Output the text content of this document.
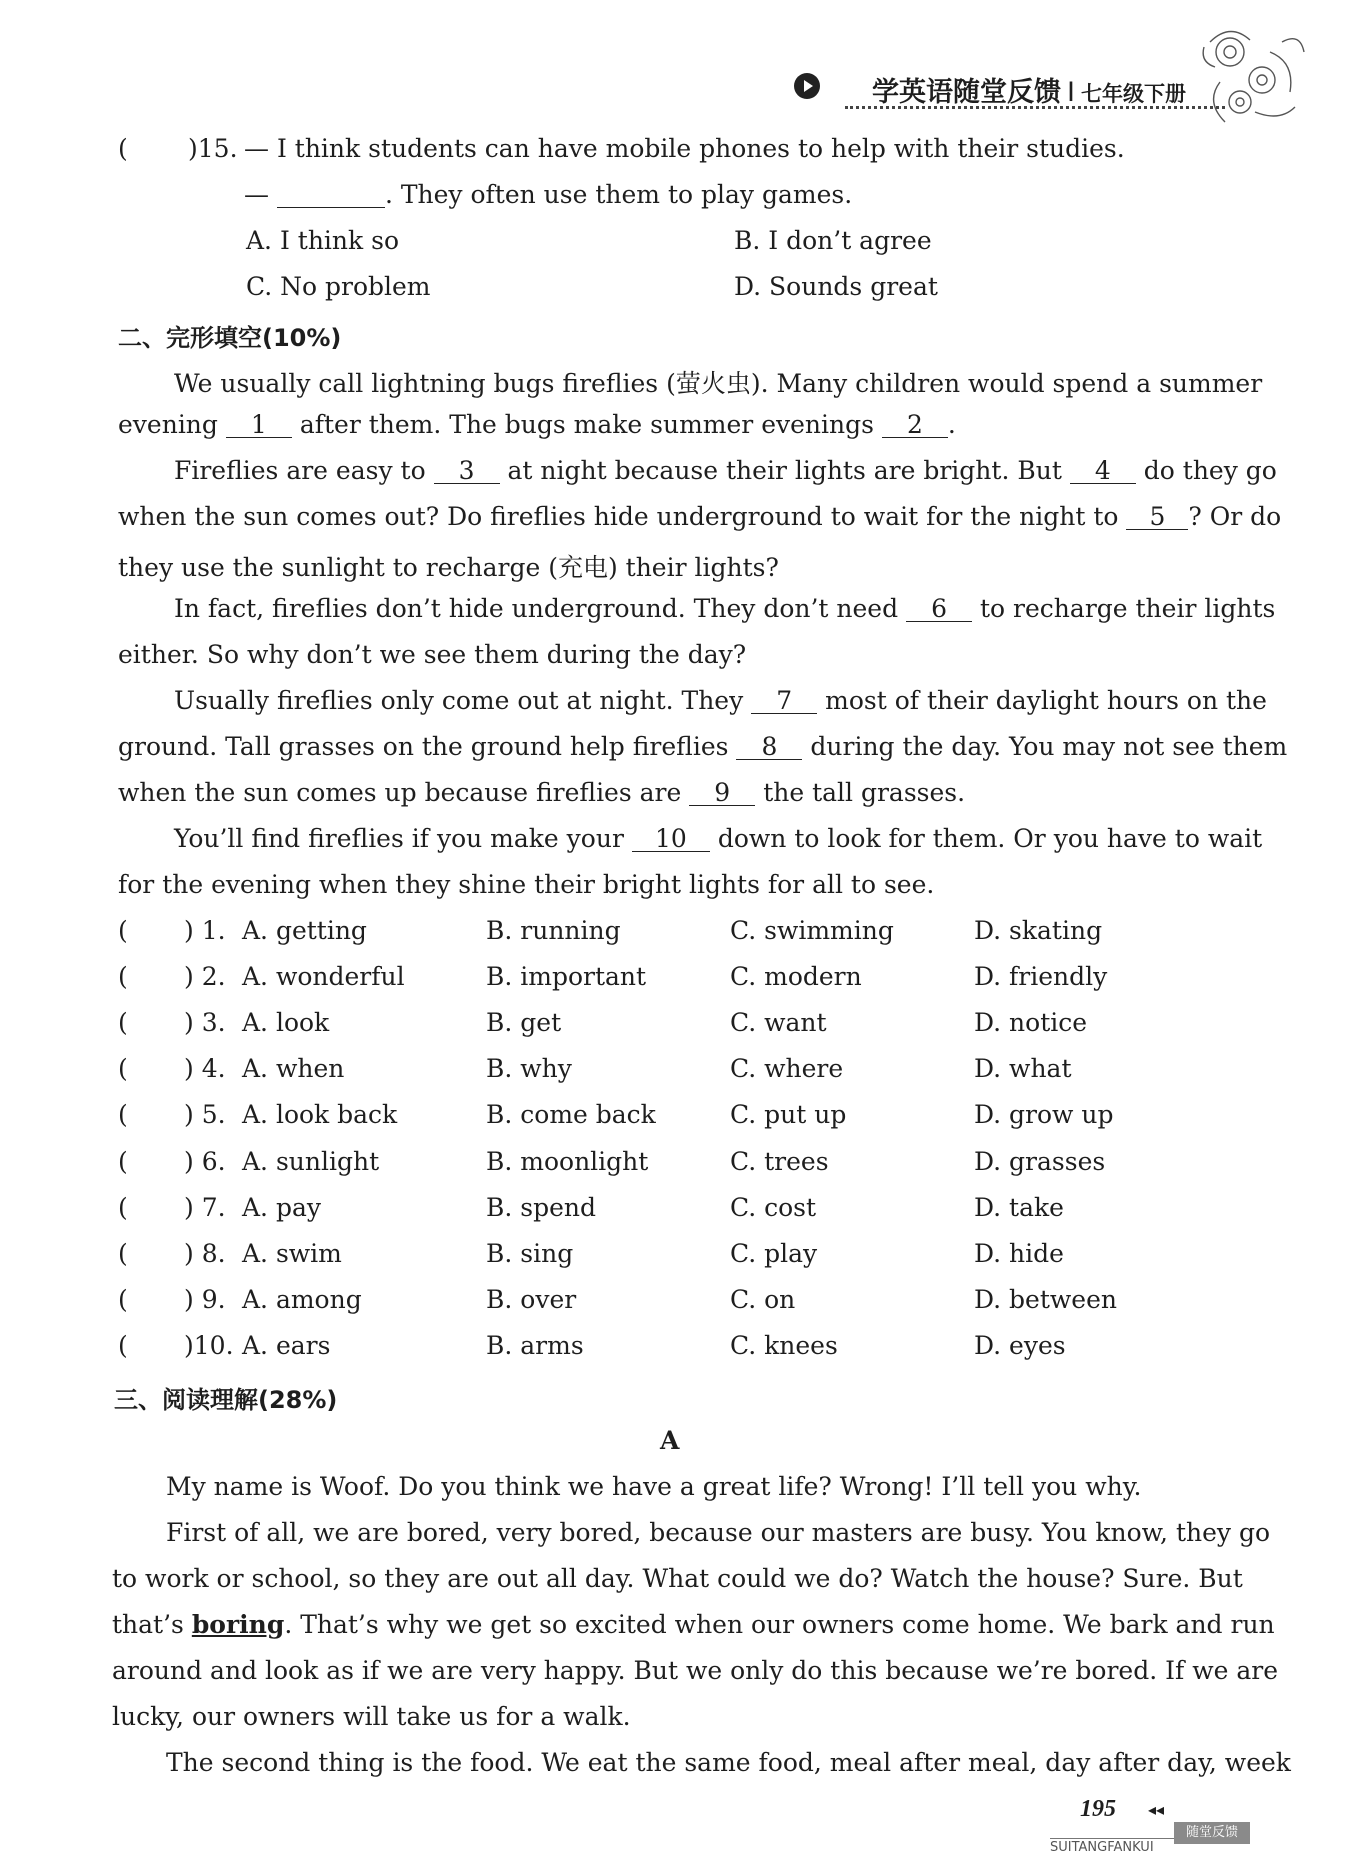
学英语随堂反馈 I 七年级下册
( )15. — I think students can have mobile phones to help with their studies.
—	. They often use them to play games.
A. I think so	B. I don’t agree
C. No problem	D. Sounds great
二、完形填空(10%)
We usually call lightning bugs fireflies (萤火虫). Many children would spend a summer
evening 1 after them. The bugs make summer evenings 2 .
Fireflies are easy to 3 at night because their lights are bright. But 4 do they go
when the sun comes out? Do fireflies hide underground to wait for the night to 5 ? Or do
they use the sunlight to recharge (充电) their lights?
In fact, fireflies don’t hide underground. They don’t need 6 to recharge their lights
either. So why don’t we see them during the day?
Usually fireflies only come out at night. They 7 most of their daylight hours on the
ground. Tall grasses on the ground help fireflies 8 during the day. You may not see them
when the sun comes up because fireflies are 9 the tall grasses.
You’ll find fireflies if you make your 10 down to look for them. Or you have to wait
for the evening when they shine their bright lights for all to see.
( ) 1. A. getting	B. running	C. swimming	D. skating
( ) 2. A. wonderful	B. important	C. modern	D. friendly
( ) 3. A. look	B. get	C. want	D. notice
( ) 4. A. when	B. why	C. where	D. what
( ) 5. A. look back	B. come back	C. put up	D. grow up
( ) 6. A. sunlight	B. moonlight	C. trees	D. grasses
( ) 7. A. pay	B. spend	C. cost	D. take
( ) 8. A. swim	B. sing	C. play	D. hide
( ) 9. A. among	B. over	C. on	D. between
( )10. A. ears	B. arms	C. knees	D. eyes
三、阅读理解(28%)
A
My name is Woof. Do you think we have a great life? Wrong! I’ll tell you why.
First of all, we are bored, very bored, because our masters are busy. You know, they go
to work or school, so they are out all day. What could we do? Watch the house? Sure. But
that’s boring. That’s why we get so excited when our owners come home. We bark and run
around and look as if we are very happy. But we only do this because we’re bored. If we are
lucky, our owners will take us for a walk.
The second thing is the food. We eat the same food, meal after meal, day after day, week
195 ◂◂
SUITANGFANKUI
随堂反馈
